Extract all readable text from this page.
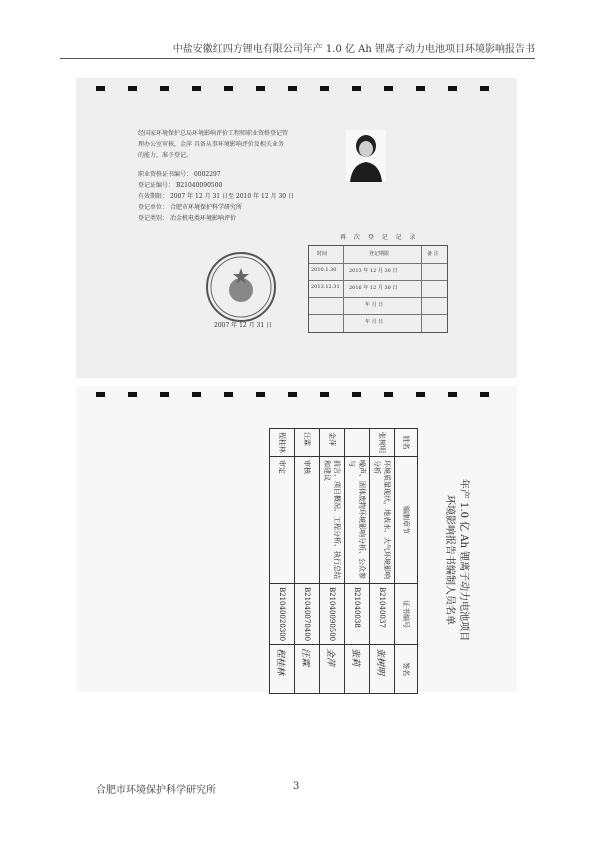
中盐安徽红四方锂电有限公司年产 1.0 亿 Ah 锂离子动力电池项目环境影响报告书
经国家环境保护总局环境影响评价工程师职业资格登记管理办公室审核，金萍 具备从事环境影响评价及相关业务的能力，准予登记。
职业资格证书编号： 0002297
登记证编号： B21040090500
有效期限： 2007 年 12 月 31 日至 2010 年 12 月 30 日
登记单位： 合肥市环境保护科学研究所
登记类别： 冶金机电类环境影响评价
2007 年 12 月 31 日
再 次 登 记 记 录
时间	登记期限	备 注
2010.1.30	2013 年 12 月 30 日
2013.12.31 2016 年 12 月 30 日
年 月 日
年 月 日
年产 1.0 亿 Ah 锂离子动力电池项目
环境影响报告书编制人员名单
姓名	编制章节	证书编号	签名
张树明	环境质量现状，地表水、大气环境影响分析	B21040037	张树明
	噪声、固体废物环境影响分析、公众参与	B21040038	张莉
金萍	前言、项目概况、工程分析、执行总结和建议	B21040090500	金萍
汪霖	审核	B21040070400	汪霖
程桂林	审定	B21040020300	程桂林
合肥市环境保护科学研究所	3
